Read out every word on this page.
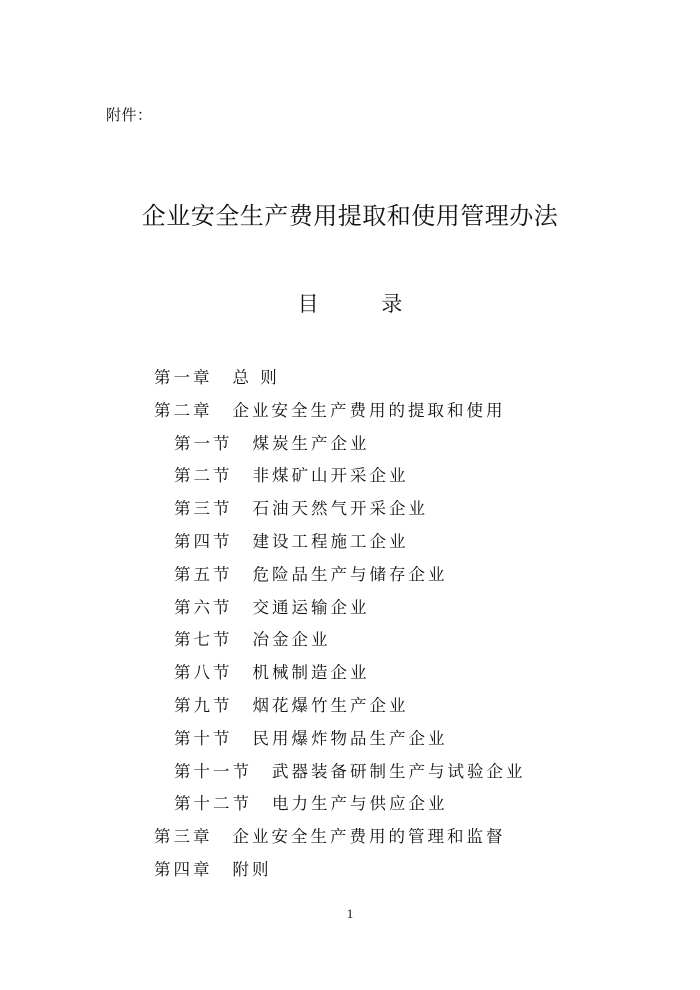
附件：
企业安全生产费用提取和使用管理办法
目 录
第一章 总 则
第二章 企业安全生产费用的提取和使用
第一节 煤炭生产企业
第二节 非煤矿山开采企业
第三节 石油天然气开采企业
第四节 建设工程施工企业
第五节 危险品生产与储存企业
第六节 交通运输企业
第七节 冶金企业
第八节 机械制造企业
第九节 烟花爆竹生产企业
第十节 民用爆炸物品生产企业
第十一节 武器装备研制生产与试验企业
第十二节 电力生产与供应企业
第三章 企业安全生产费用的管理和监督
第四章 附则
1
